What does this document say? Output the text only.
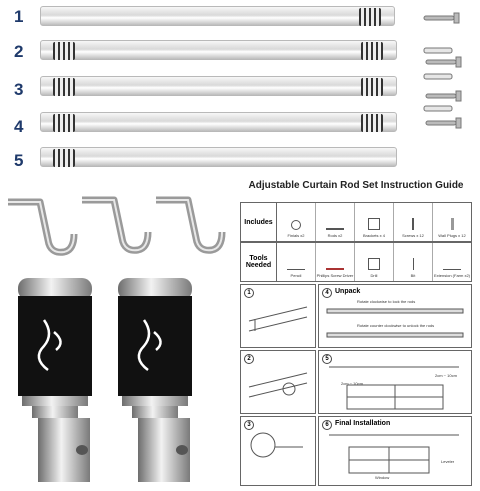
1
2
3
4
5
Adjustable Curtain Rod Set Instruction Guide
Includes
Finials x2	Rods x2	Brackets x 4	Screws x 12	Wall Plugs x 12
Tools Needed
Pencil	Phillips Screw Driver	Drill	Bit	Extension (Farm x2)
1	4 Unpack
Rotate clockwise to lock the rods
Rotate counter clockwise to unlock the rods
2	5
2cm ~ 10cm
2cm ~ 10cm
3	6 Final Installation
Window
Leveler
